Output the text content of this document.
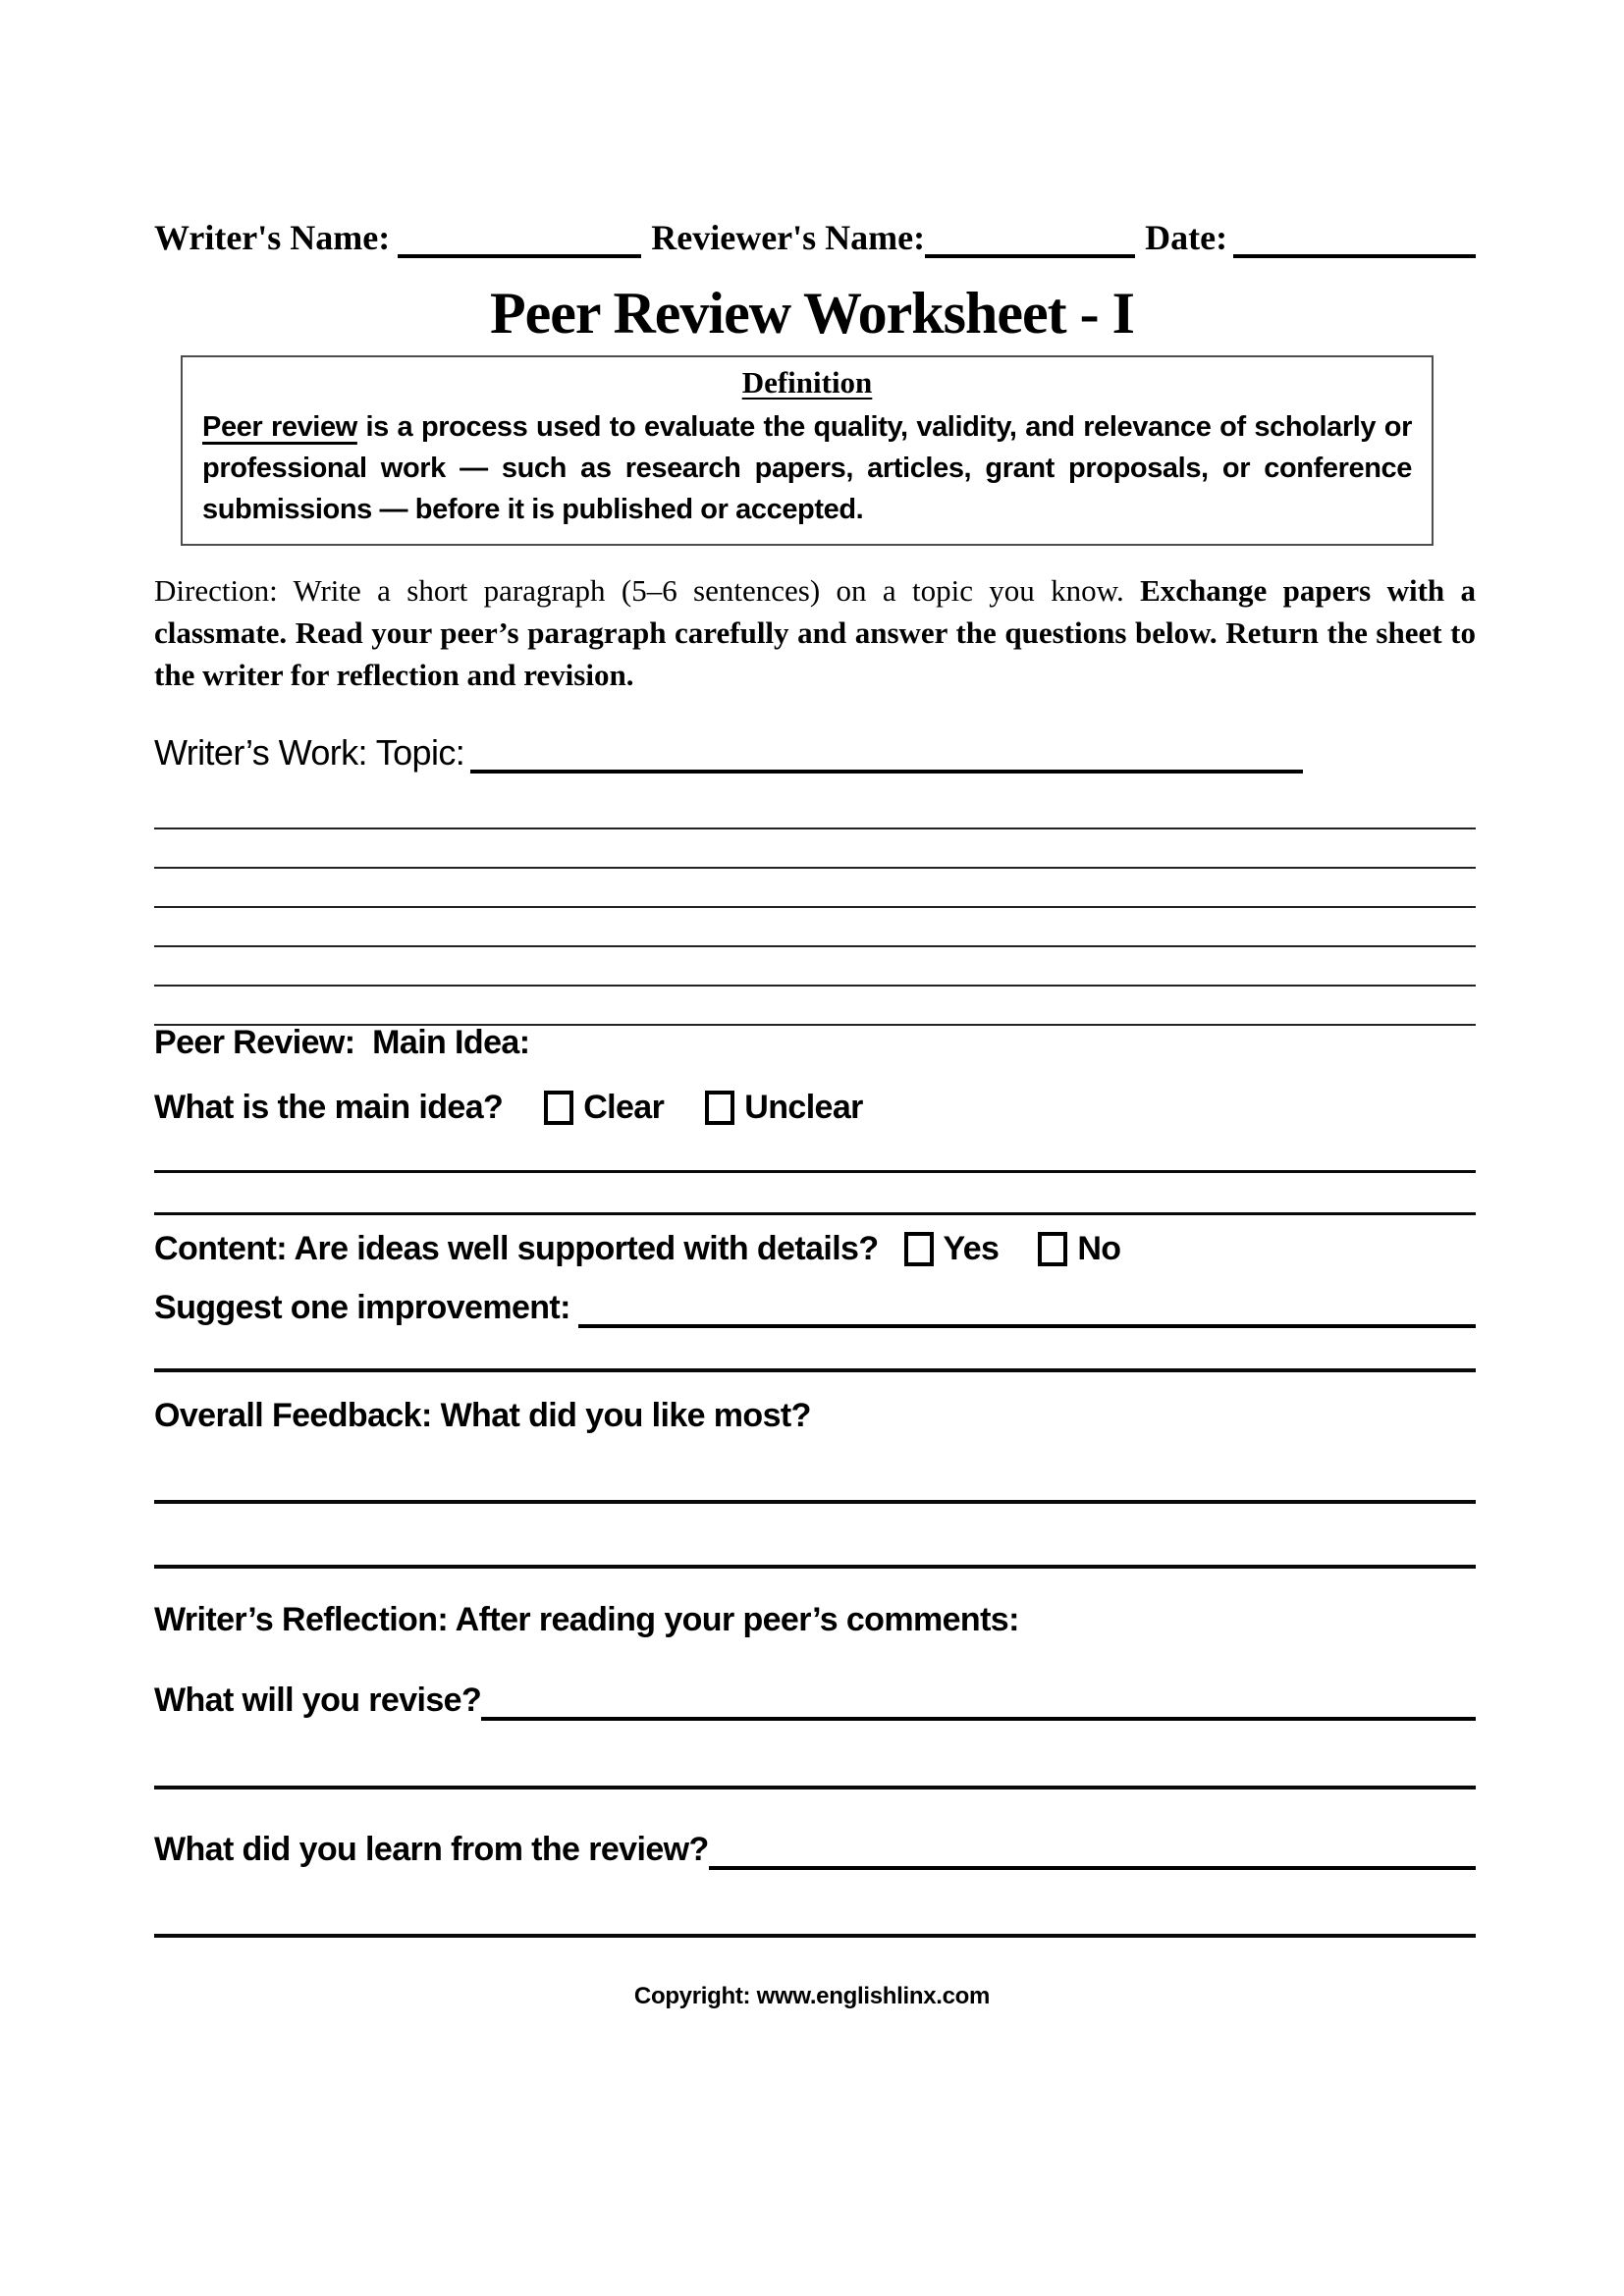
Writer's Name:	Reviewer's Name:	Date:
Peer Review Worksheet - I
Definition
Peer review is a process used to evaluate the quality, validity, and relevance of scholarly or professional work — such as research papers, articles, grant proposals, or conference submissions — before it is published or accepted.
Direction: Write a short paragraph (5–6 sentences) on a topic you know. Exchange papers with a classmate. Read your peer’s paragraph carefully and answer the questions below. Return the sheet to the writer for reflection and revision.
Writer’s Work: Topic:
Peer Review:  Main Idea:
What is the main idea? Clear Unclear
Content: Are ideas well supported with details? Yes No
Suggest one improvement:
Overall Feedback: What did you like most?
Writer’s Reflection: After reading your peer’s comments:
What will you revise?
What did you learn from the review?
Copyright: www.englishlinx.com
